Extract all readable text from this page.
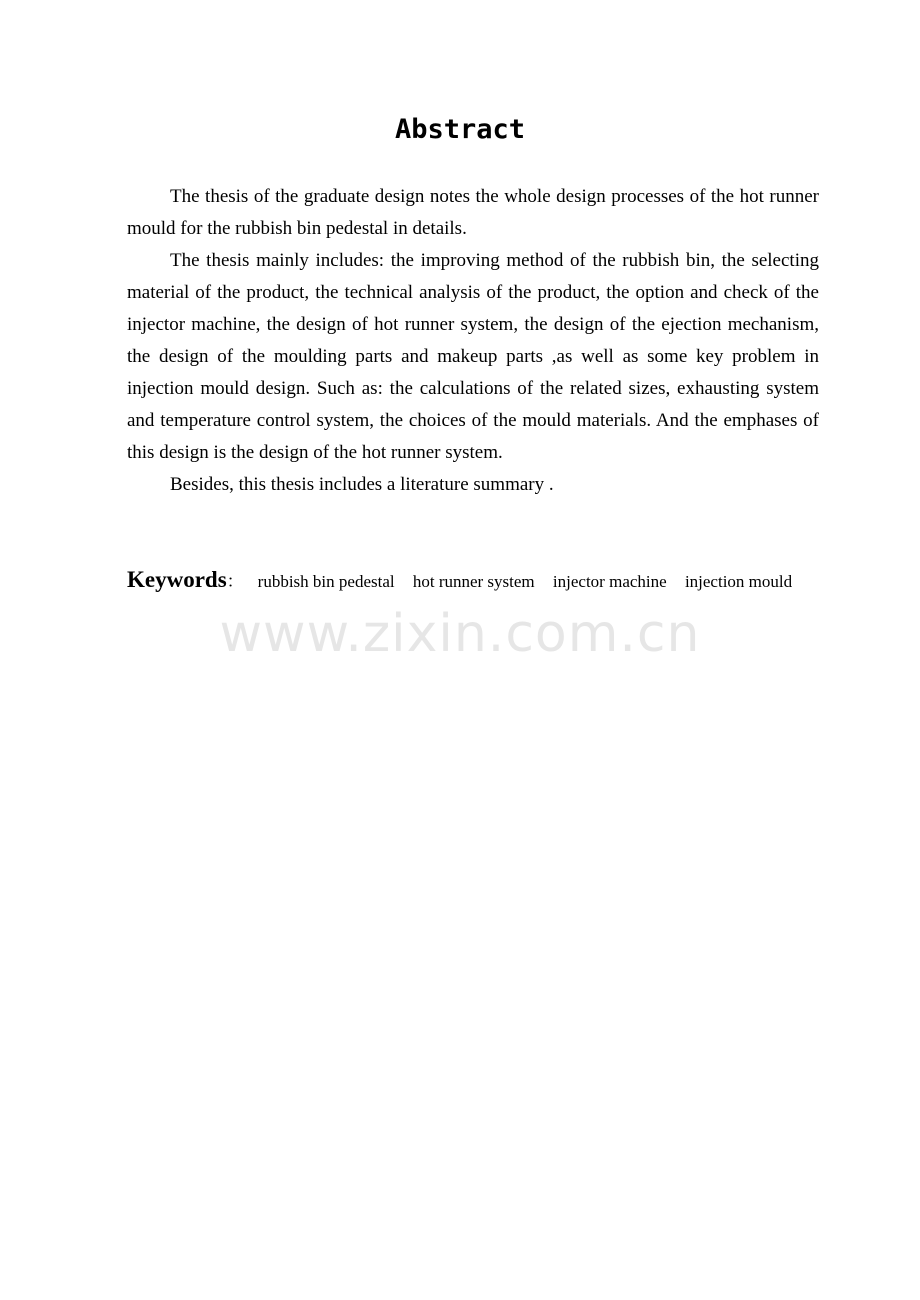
Abstract

The thesis of the graduate design notes the whole design processes of the hot runner mould for the rubbish bin pedestal in details.

The thesis mainly includes: the improving method of the rubbish bin, the selecting material of the product, the technical analysis of the product, the option and check of the injector machine, the design of hot runner system, the design of the ejection mechanism, the design of the moulding parts and makeup parts ,as well as some key problem in injection mould design. Such as: the calculations of the related sizes, exhausting system and temperature control system, the choices of the mould materials. And the emphases of this design is the design of the hot runner system.

Besides, this thesis includes a literature summary .

Keywords： rubbish bin pedestal hot runner system injector machine injection mould

www.zixin.com.cn
